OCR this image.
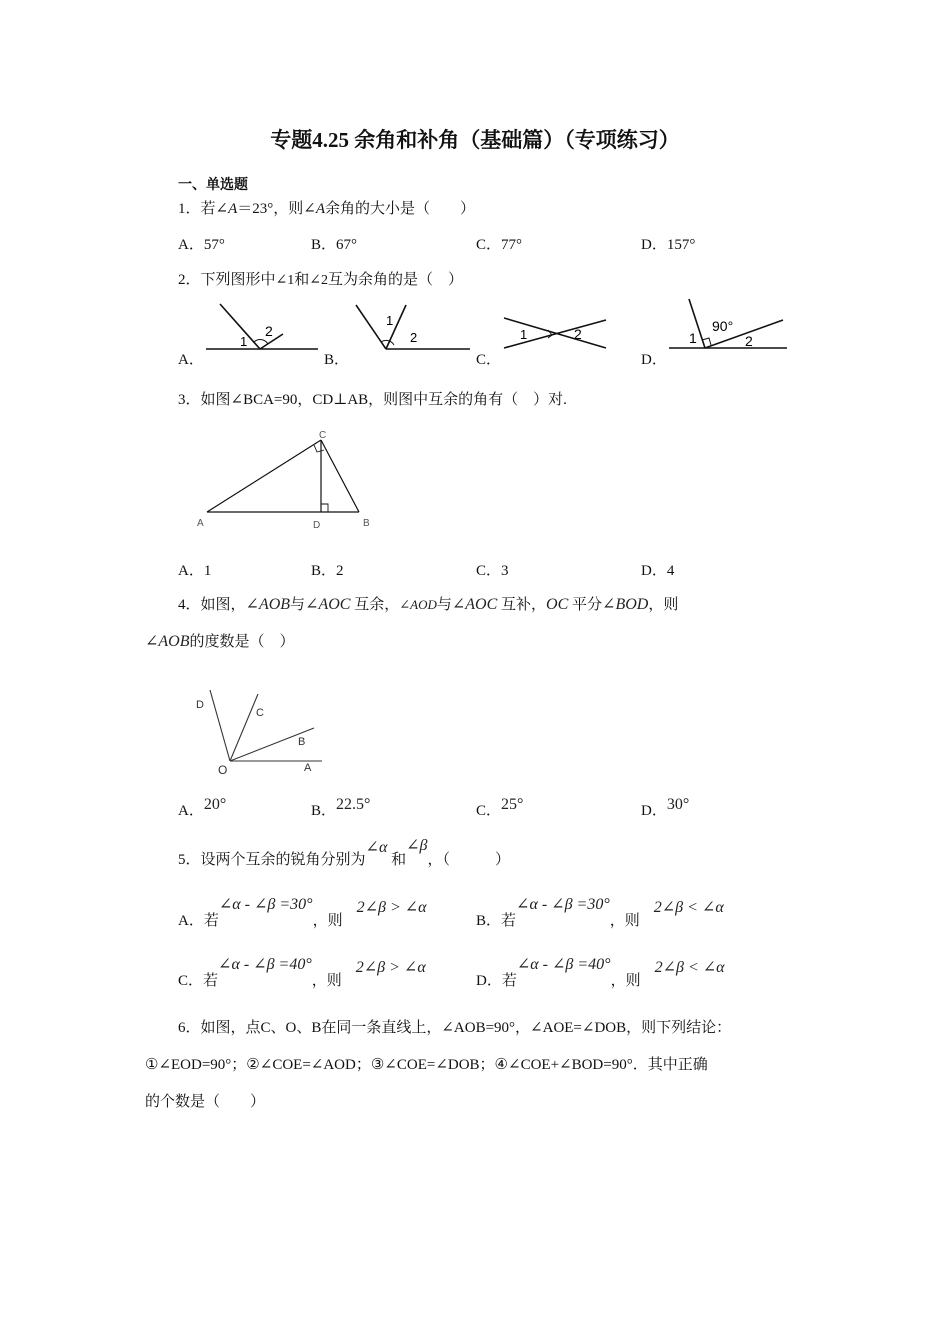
专题4.25 余角和补角（基础篇）（专项练习）
一、单选题
1．若∠A＝23°，则∠A余角的大小是（　　）
A．57°	B．67°	C．77°	D．157°
2．下列图形中∠1和∠2互为余角的是（　）
A．
1
2
B．
1
2
C．
1	2
D．
1
90°
2
3．如图∠BCA=90，CD⊥AB，则图中互余的角有（　）对.
A	B
C
D
A．1	B．2	C．3	D．4
4．如图，∠AOB与∠AOC 互余，∠AOD与∠AOC 互补，OC 平分∠BOD，则
∠AOB的度数是（　）
D
C
B
O	A
A．20°	B．22.5°	C．25°	D．30°
5．设两个互余的锐角分别为∠α 和∠β，（　　　）
A．若∠α - ∠β =30°，则2∠β > ∠α
B．若∠α - ∠β =30°，则2∠β < ∠α
C．若∠α - ∠β =40°，则2∠β > ∠α
D．若∠α - ∠β =40°，则2∠β < ∠α
6．如图，点C、O、B在同一条直线上，∠AOB=90°，∠AOE=∠DOB，则下列结论：
①∠EOD=90°；②∠COE=∠AOD；③∠COE=∠DOB；④∠COE+∠BOD=90°．其中正确
的个数是（　　）
